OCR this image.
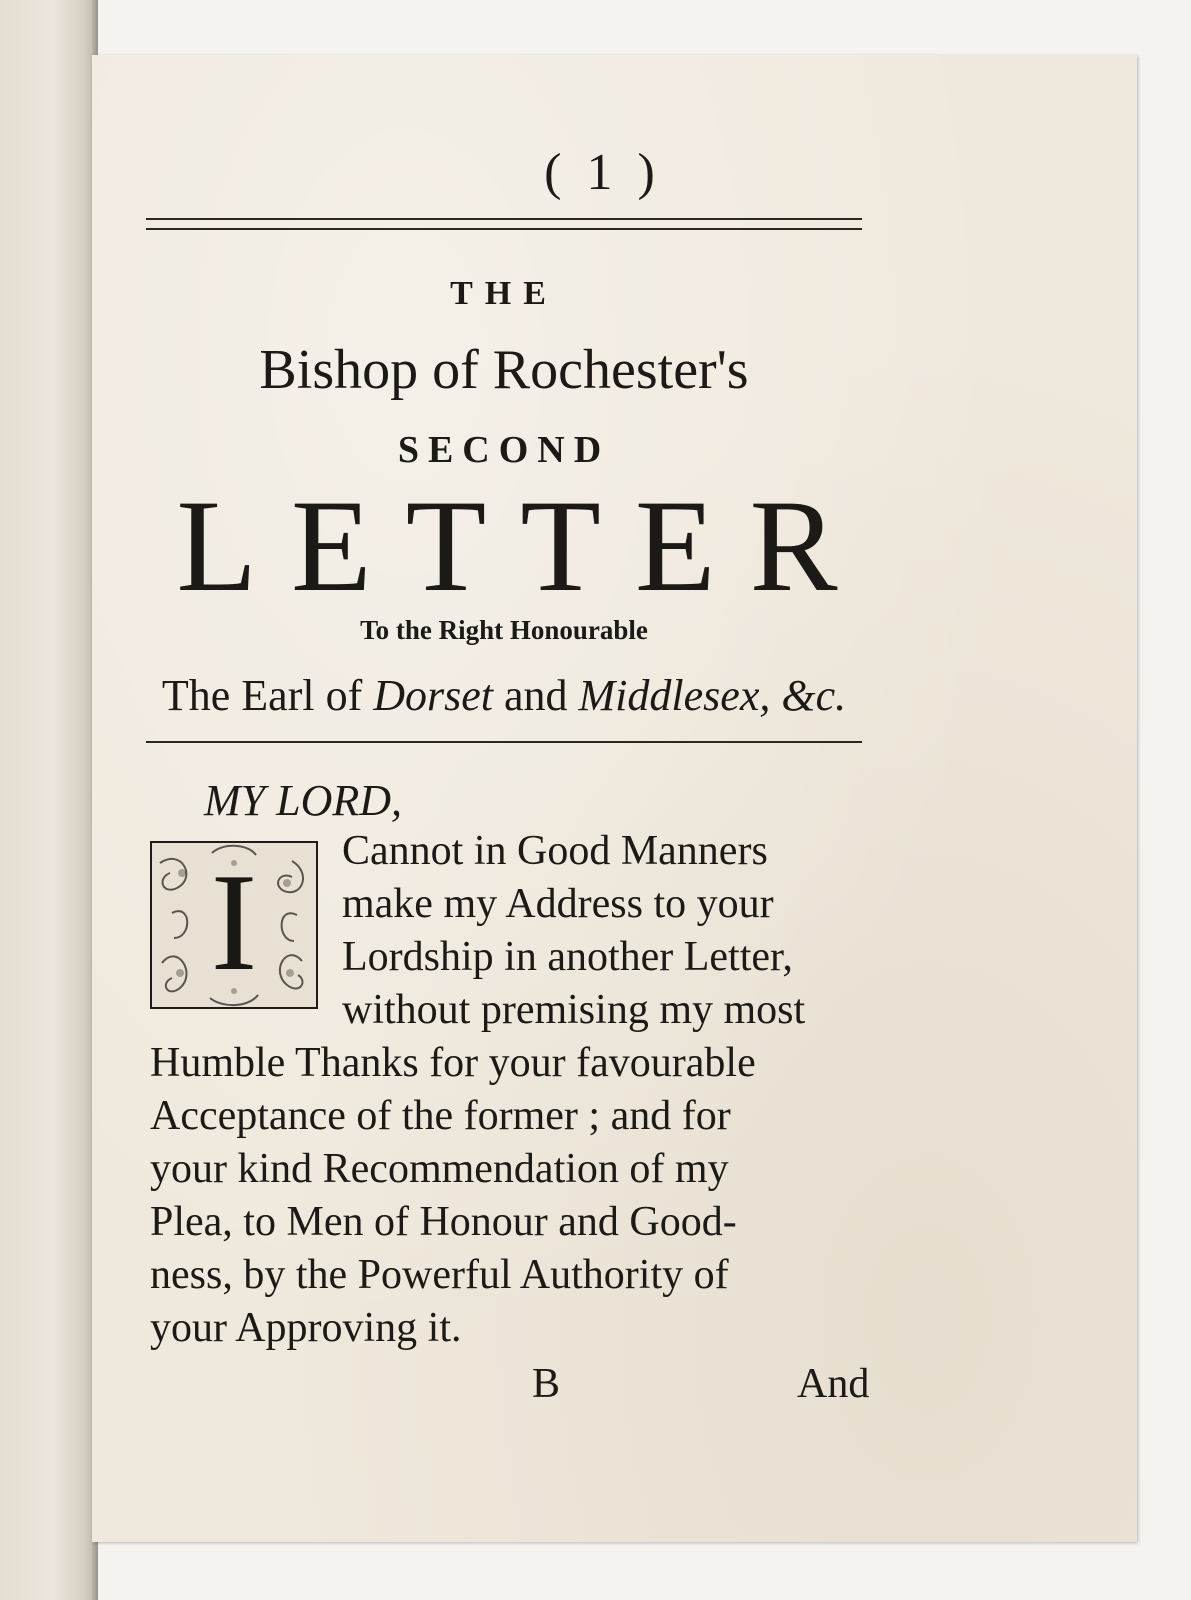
( 1 )
THE
Bishop of Rochester's
SECOND
LETTER
To the Right Honourable
The Earl of Dorset and Middlesex, &c.
MY LORD,
I	Cannot in Good Manners
make my Address to your
Lordship in another Letter,
without premising my most
Humble Thanks for your favourable
Acceptance of the former ; and for
your kind Recommendation of my
Plea, to Men of Honour and Good-
ness, by the Powerful Authority of
your Approving it.
B	And
